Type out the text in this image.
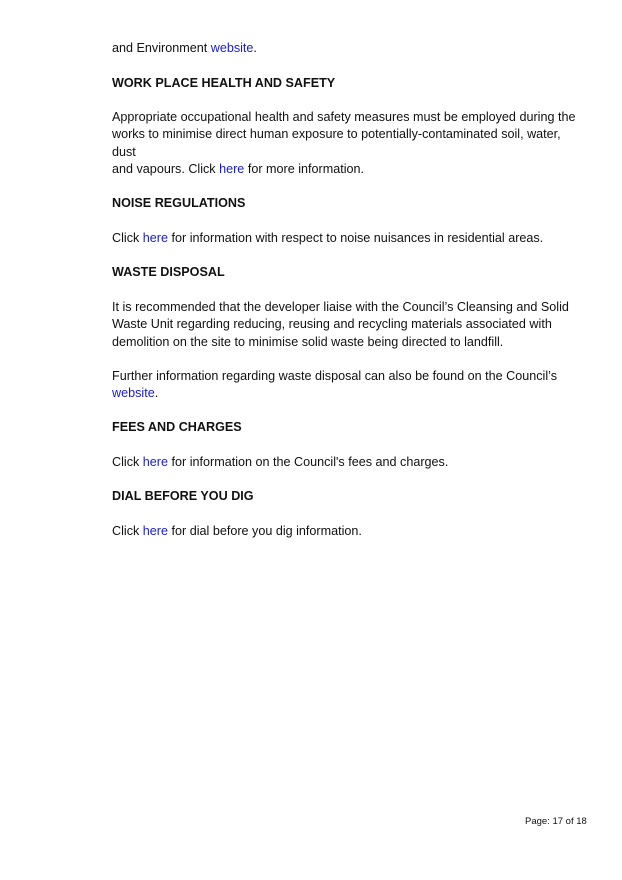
and Environment website.

WORK PLACE HEALTH AND SAFETY
Appropriate occupational health and safety measures must be employed during the
works to minimise direct human exposure to potentially-contaminated soil, water, dust
and vapours. Click here for more information.
NOISE REGULATIONS

Click here for information with respect to noise nuisances in residential areas.

WASTE DISPOSAL
It is recommended that the developer liaise with the Council’s Cleansing and Solid
Waste Unit regarding reducing, reusing and recycling materials associated with
demolition on the site to minimise solid waste being directed to landfill.
Further information regarding waste disposal can also be found on the Council’s
website.
FEES AND CHARGES

Click here for information on the Council's fees and charges.

DIAL BEFORE YOU DIG

Click here for dial before you dig information.

Page: 17 of 18
